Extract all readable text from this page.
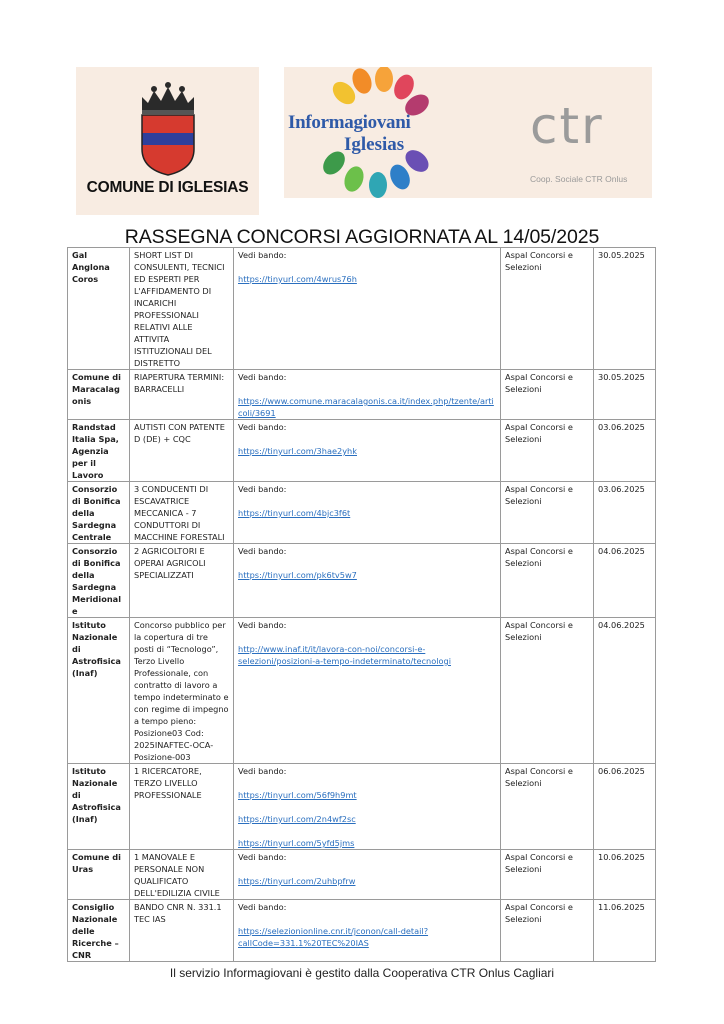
COMUNE DI IGLESIAS
Informagiovani
Iglesias	ctr
Coop. Sociale CTR Onlus
RASSEGNA CONCORSI AGGIORNATA AL 14/05/2025
Gal Anglona Coros	SHORT LIST DI CONSULENTI, TECNICI ED ESPERTI PER L'AFFIDAMENTO DI INCARICHI PROFESSIONALI RELATIVI ALLE ATTIVITA ISTITUZIONALI DEL DISTRETTO	Vedi bando:
https://tinyurl.com/4wrus76h	Aspal Concorsi e Selezioni	30.05.2025
Comune di Maracalagonis	RIAPERTURA TERMINI: BARRACELLI	Vedi bando:
https://www.comune.maracalagonis.ca.it/index.php/tzente/articoli/3691	Aspal Concorsi e Selezioni	30.05.2025
Randstad Italia Spa, Agenzia per il Lavoro	AUTISTI CON PATENTE D (DE) + CQC	Vedi bando:
https://tinyurl.com/3hae2yhk	Aspal Concorsi e Selezioni	03.06.2025
Consorzio di Bonifica della Sardegna Centrale	3 CONDUCENTI DI ESCAVATRICE MECCANICA - 7 CONDUTTORI DI MACCHINE FORESTALI	Vedi bando:
https://tinyurl.com/4bjc3f6t	Aspal Concorsi e Selezioni	03.06.2025
Consorzio di Bonifica della Sardegna Meridionale	2 AGRICOLTORI E OPERAI AGRICOLI SPECIALIZZATI	Vedi bando:
https://tinyurl.com/pk6tv5w7	Aspal Concorsi e Selezioni	04.06.2025
Istituto Nazionale di Astrofisica (Inaf)	Concorso pubblico per la copertura di tre posti di “Tecnologo”, Terzo Livello Professionale, con contratto di lavoro a tempo indeterminato e con regime di impegno a tempo pieno: Posizione03 Cod: 2025INAFTEC-OCA-Posizione-003	Vedi bando:
http://www.inaf.it/it/lavora-con-noi/concorsi-e-selezioni/posizioni-a-tempo-indeterminato/tecnologi	Aspal Concorsi e Selezioni	04.06.2025
Istituto Nazionale di Astrofisica (Inaf)	1 RICERCATORE, TERZO LIVELLO PROFESSIONALE	Vedi bando:
https://tinyurl.com/56f9h9mt
https://tinyurl.com/2n4wf2sc
https://tinyurl.com/5yfd5jms	Aspal Concorsi e Selezioni	06.06.2025
Comune di Uras	1 MANOVALE E PERSONALE NON QUALIFICATO DELL'EDILIZIA CIVILE	Vedi bando:
https://tinyurl.com/2uhbpfrw	Aspal Concorsi e Selezioni	10.06.2025
Consiglio Nazionale delle Ricerche – CNR	BANDO CNR N. 331.1 TEC IAS	Vedi bando:
https://selezionionline.cnr.it/jconon/call-detail?callCode=331.1%20TEC%20IAS	Aspal Concorsi e Selezioni	11.06.2025
Il servizio Informagiovani è gestito dalla Cooperativa CTR Onlus Cagliari
